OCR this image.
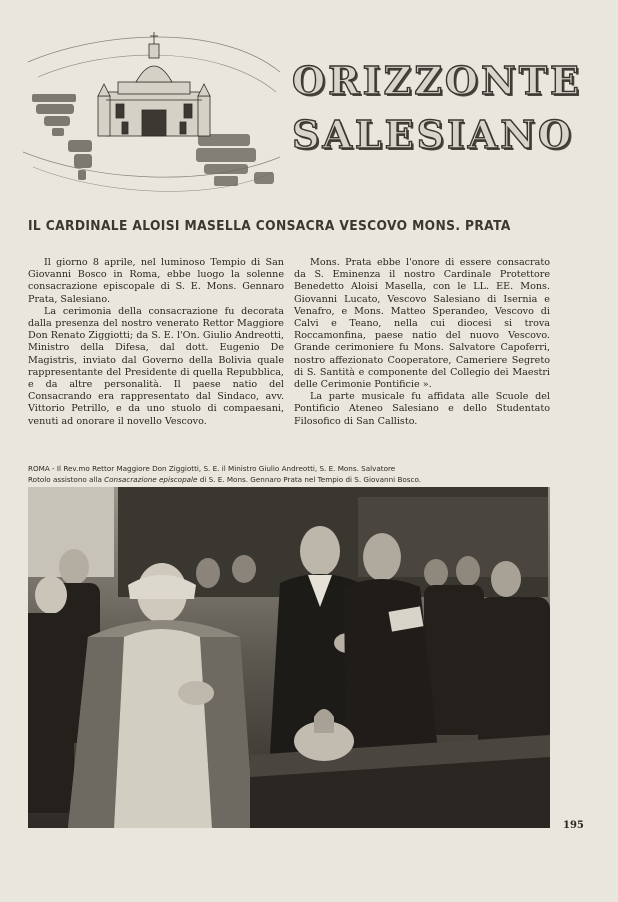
ORIZZONTE
SALESIANO
IL CARDINALE ALOISI MASELLA CONSACRA VESCOVO MONS. PRATA

Il giorno 8 aprile, nel luminoso Tempio di San Giovanni Bosco in Roma, ebbe luogo la solenne consacrazione episcopale di S. E. Mons. Gennaro Prata, Salesiano.

La cerimonia della consacrazione fu decorata dalla presenza del nostro venerato Rettor Maggiore Don Renato Ziggiotti; da S. E. l'On. Giulio Andreotti, Ministro della Difesa, dal dott. Eugenio De Magistris, inviato dal Governo della Bolivia quale rappresentante del Presidente di quella Repubblica, e da altre personalità. Il paese natio del Consacrando era rappresentato dal Sindaco, avv. Vittorio Petrillo, e da uno stuolo di compaesani, venuti ad onorare il novello Vescovo.

Mons. Prata ebbe l'onore di essere consacrato da S. Eminenza il nostro Cardinale Protettore Benedetto Aloisi Masella, con le LL. EE. Mons. Giovanni Lucato, Vescovo Salesiano di Isernia e Venafro, e Mons. Matteo Sperandeo, Vescovo di Calvi e Teano, nella cui diocesi si trova Roccamonfina, paese natio del nuovo Vescovo. Grande cerimoniere fu Mons. Salvatore Capoferri, nostro affezionato Cooperatore, Cameriere Segreto di S. Santità e componente del Collegio dei Maestri delle Cerimonie Pontificie ».

La parte musicale fu affidata alle Scuole del Pontificio Ateneo Salesiano e dello Studentato Filosofico di San Callisto.

ROMA - Il Rev.mo Rettor Maggiore Don Ziggiotti, S. E. il Ministro Giulio Andreotti, S. E. Mons. Salvatore
Rotolo assistono alla Consacrazione episcopale di S. E. Mons. Gennaro Prata nel Tempio di S. Giovanni Bosco.
195
